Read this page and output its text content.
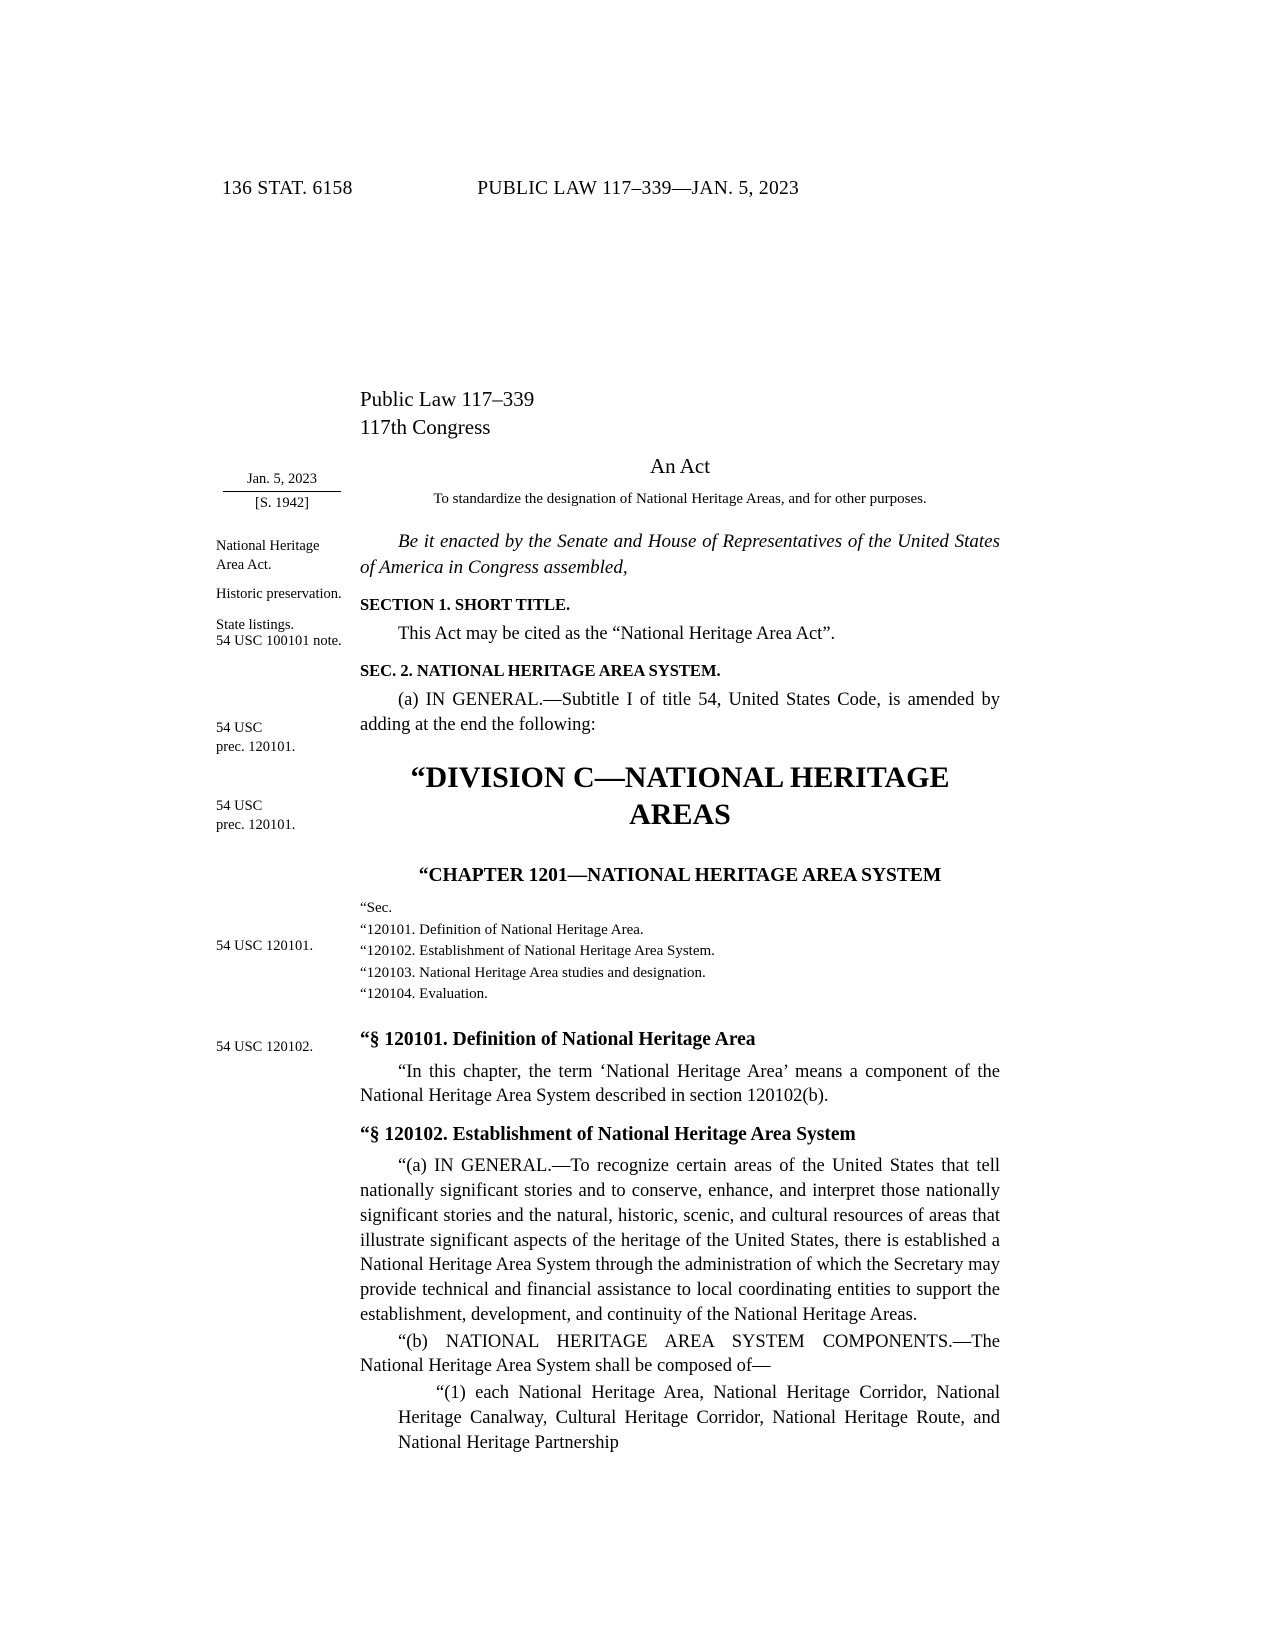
136 STAT. 6158	PUBLIC LAW 117–339—JAN. 5, 2023
Jan. 5, 2023
[S. 1942]
National Heritage Area Act.
Historic preservation.
State listings.
54 USC 100101 note.
54 USC
prec. 120101.
54 USC
prec. 120101.
54 USC 120101.
54 USC 120102.
Public Law 117–339
117th Congress
An Act
To standardize the designation of National Heritage Areas, and for other purposes.
Be it enacted by the Senate and House of Representatives of the United States of America in Congress assembled,
SECTION 1. SHORT TITLE.
This Act may be cited as the “National Heritage Area Act”.
SEC. 2. NATIONAL HERITAGE AREA SYSTEM.
(a) IN GENERAL.—Subtitle I of title 54, United States Code, is amended by adding at the end the following:
“DIVISION C—NATIONAL HERITAGE
AREAS
“CHAPTER 1201—NATIONAL HERITAGE AREA SYSTEM
“Sec.
“120101. Definition of National Heritage Area.
“120102. Establishment of National Heritage Area System.
“120103. National Heritage Area studies and designation.
“120104. Evaluation.
“§ 120101. Definition of National Heritage Area
“In this chapter, the term ‘National Heritage Area’ means a component of the National Heritage Area System described in section 120102(b).
“§ 120102. Establishment of National Heritage Area System
“(a) IN GENERAL.—To recognize certain areas of the United States that tell nationally significant stories and to conserve, enhance, and interpret those nationally significant stories and the natural, historic, scenic, and cultural resources of areas that illustrate significant aspects of the heritage of the United States, there is established a National Heritage Area System through the administration of which the Secretary may provide technical and financial assistance to local coordinating entities to support the establishment, development, and continuity of the National Heritage Areas.
“(b) NATIONAL HERITAGE AREA SYSTEM COMPONENTS.—The National Heritage Area System shall be composed of—
“(1) each National Heritage Area, National Heritage Corridor, National Heritage Canalway, Cultural Heritage Corridor, National Heritage Route, and National Heritage Partnership
